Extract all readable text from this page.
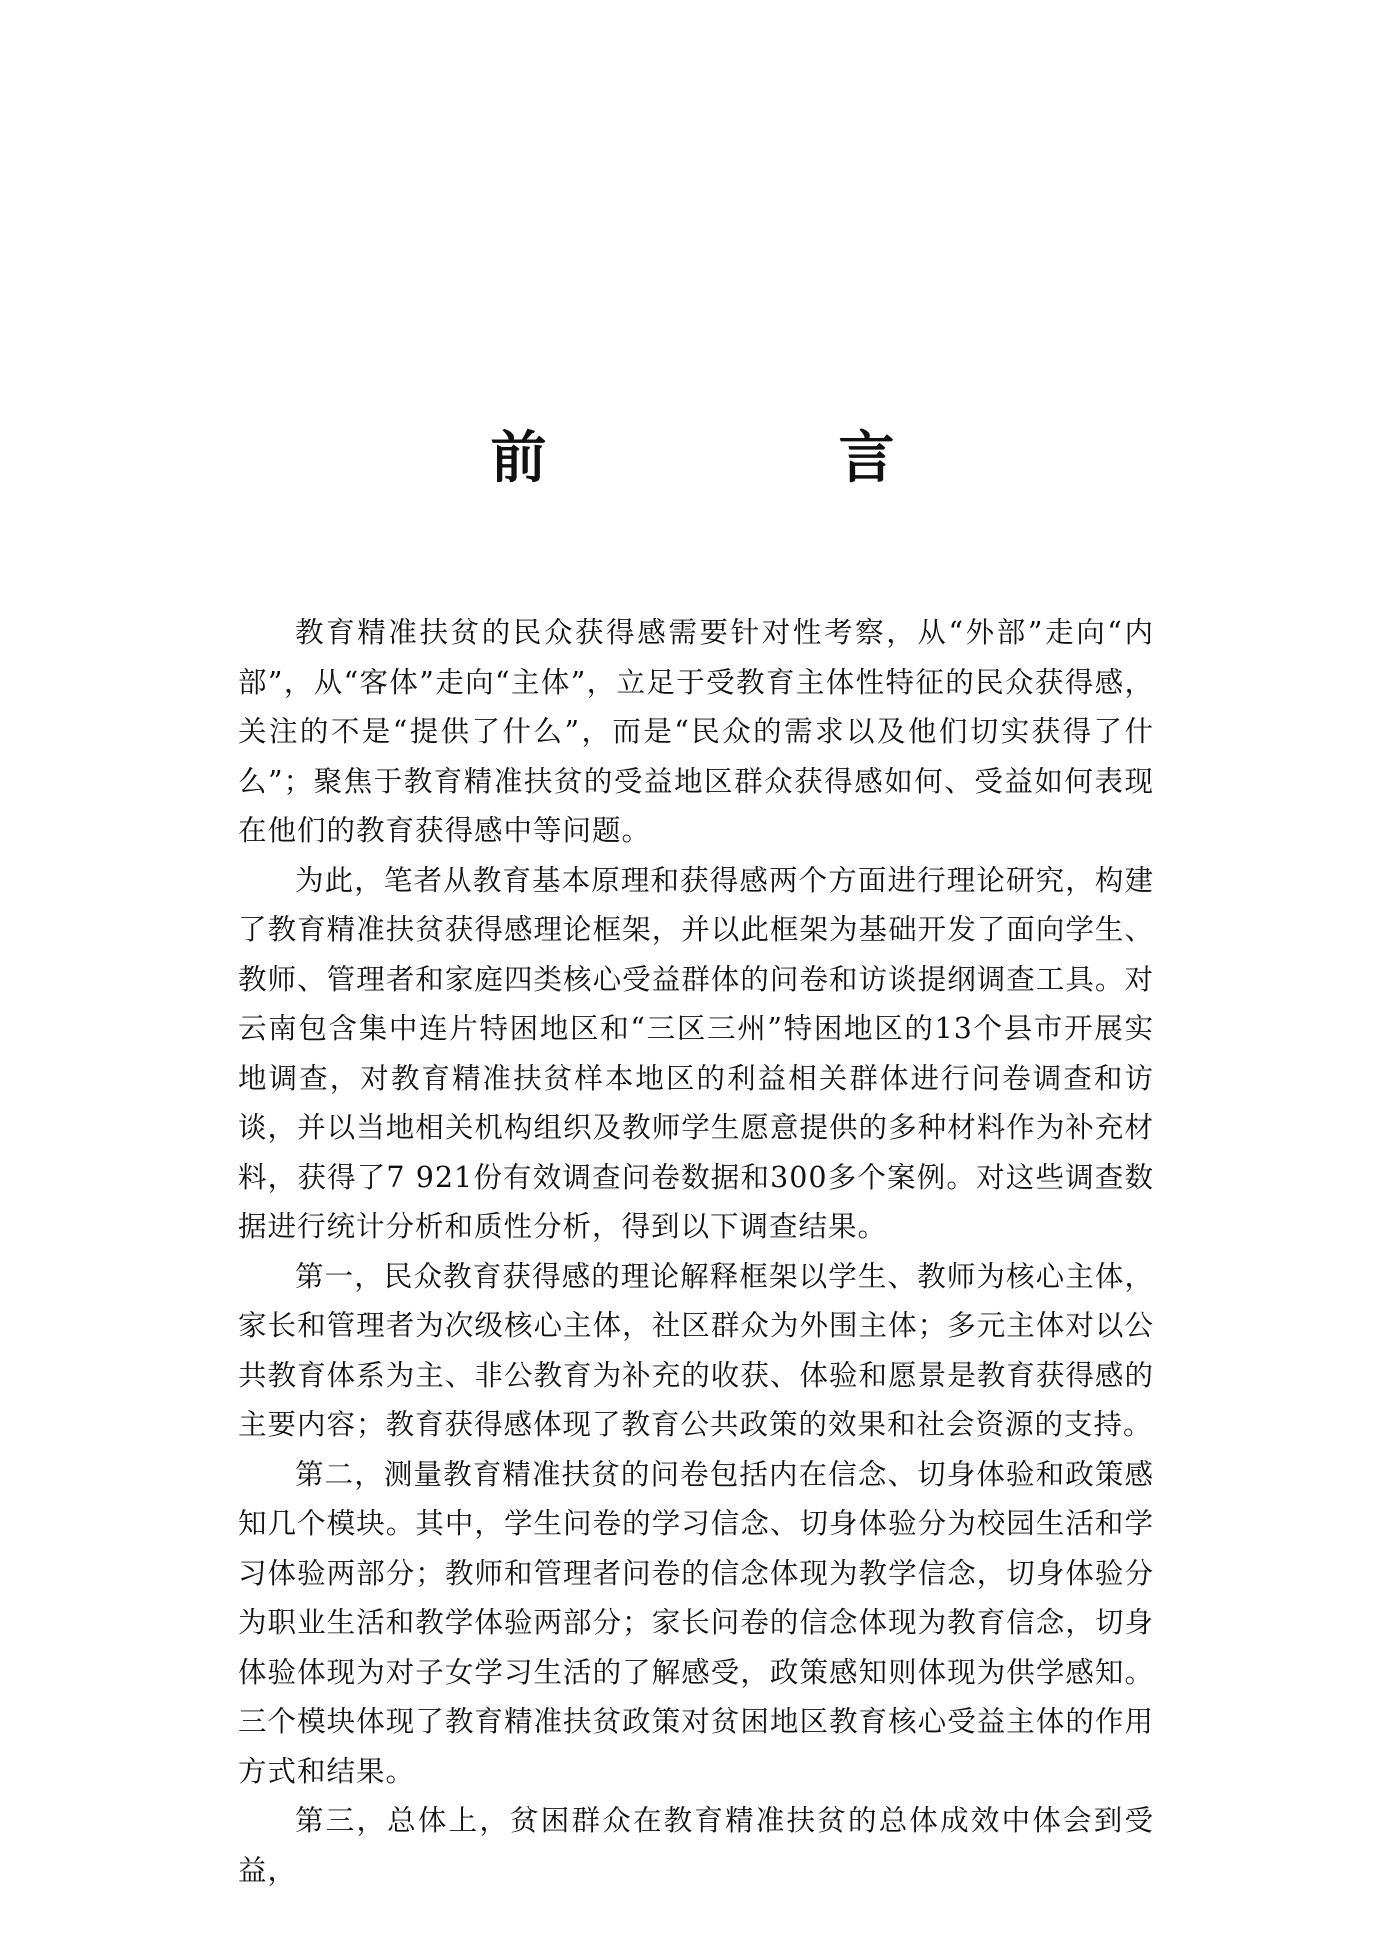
前　言

教育精准扶贫的民众获得感需要针对性考察，从“外部”走向“内部”，从“客体”走向“主体”，立足于受教育主体性特征的民众获得感，关注的不是“提供了什么”，而是“民众的需求以及他们切实获得了什么”；聚焦于教育精准扶贫的受益地区群众获得感如何、受益如何表现在他们的教育获得感中等问题。

为此，笔者从教育基本原理和获得感两个方面进行理论研究，构建了教育精准扶贫获得感理论框架，并以此框架为基础开发了面向学生、教师、管理者和家庭四类核心受益群体的问卷和访谈提纲调查工具。对云南包含集中连片特困地区和“三区三州”特困地区的13个县市开展实地调查，对教育精准扶贫样本地区的利益相关群体进行问卷调查和访谈，并以当地相关机构组织及教师学生愿意提供的多种材料作为补充材料，获得了7 921份有效调查问卷数据和300多个案例。对这些调查数据进行统计分析和质性分析，得到以下调查结果。

第一，民众教育获得感的理论解释框架以学生、教师为核心主体，家长和管理者为次级核心主体，社区群众为外围主体；多元主体对以公共教育体系为主、非公教育为补充的收获、体验和愿景是教育获得感的主要内容；教育获得感体现了教育公共政策的效果和社会资源的支持。

第二，测量教育精准扶贫的问卷包括内在信念、切身体验和政策感知几个模块。其中，学生问卷的学习信念、切身体验分为校园生活和学习体验两部分；教师和管理者问卷的信念体现为教学信念，切身体验分为职业生活和教学体验两部分；家长问卷的信念体现为教育信念，切身体验体现为对子女学习生活的了解感受，政策感知则体现为供学感知。三个模块体现了教育精准扶贫政策对贫困地区教育核心受益主体的作用方式和结果。

第三，总体上，贫困群众在教育精准扶贫的总体成效中体会到受益，
